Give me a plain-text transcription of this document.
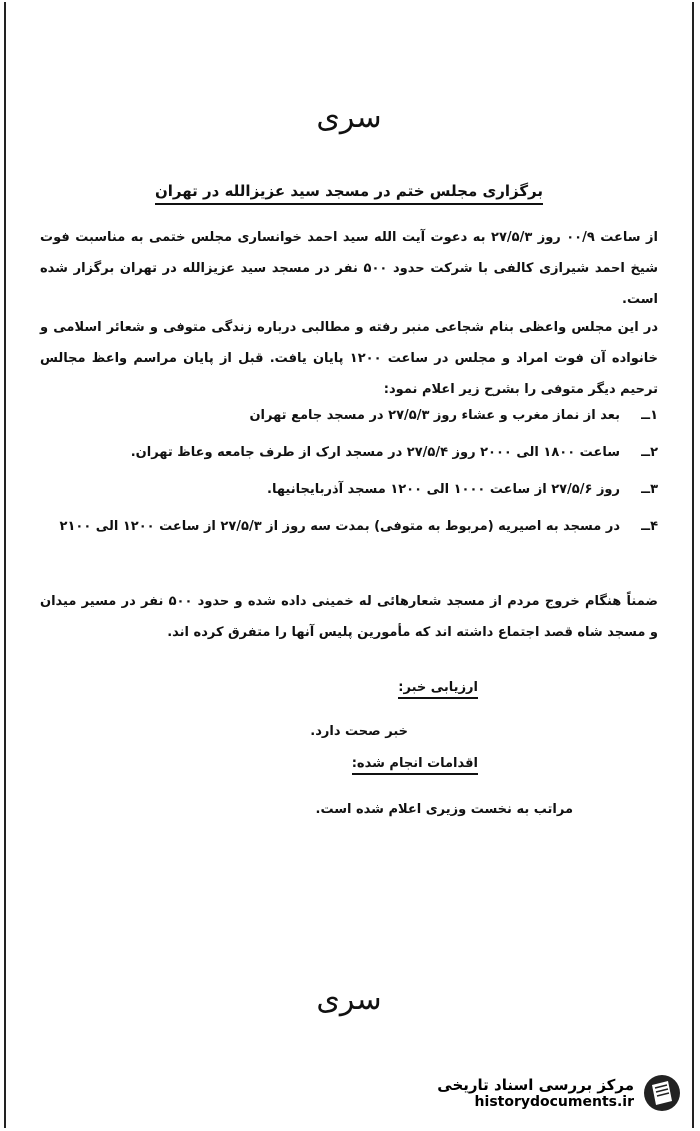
سری
برگزاری مجلس ختم در مسجد سید عزیزالله در تهران
از ساعت ۰۰/۹ روز ۲۷/۵/۳ به دعوت آیت الله سید احمد خوانساری مجلس ختمی به مناسبت فوت شیخ احمد شیرازی کالفی با شرکت حدود ۵۰۰ نفر در مسجد سید عزیزالله در تهران برگزار شده است.
در این مجلس واعظی بنام شجاعی منبر رفته و مطالبی درباره زندگی متوفی و شعائر اسلامی و خانواده آن فوت امراد و مجلس در ساعت ۱۲۰۰ پایان یافت. قبل از پایان مراسم واعظ مجالس ترحیم دیگر متوفی را بشرح زیر اعلام نمود:
۱ــ
بعد از نماز مغرب و عشاء روز ۲۷/۵/۳ در مسجد جامع تهران
۲ــ
ساعت ۱۸۰۰ الی ۲۰۰۰ روز ۲۷/۵/۴ در مسجد ارک از طرف جامعه وعاظ تهران.
۳ــ
روز ۲۷/۵/۶ از ساعت ۱۰۰۰ الی ۱۲۰۰ مسجد آذربایجانیها.
۴ــ
در مسجد به اصیریه (مربوط به متوفی) بمدت سه روز از ۲۷/۵/۳ از ساعت ۱۲۰۰ الی ۲۱۰۰
ضمناً هنگام خروج مردم از مسجد شعارهائی له خمینی داده شده و حدود ۵۰۰ نفر در مسیر میدان و مسجد شاه قصد اجتماع داشته اند که مأمورین پلیس آنها را متفرق کرده اند.
ارزیابی خبر:
خبر صحت دارد.
اقدامات انجام شده:
مراتب به نخست وزیری اعلام شده است.
سری
مرکز بررسی اسناد تاریخی
historydocuments.ir
